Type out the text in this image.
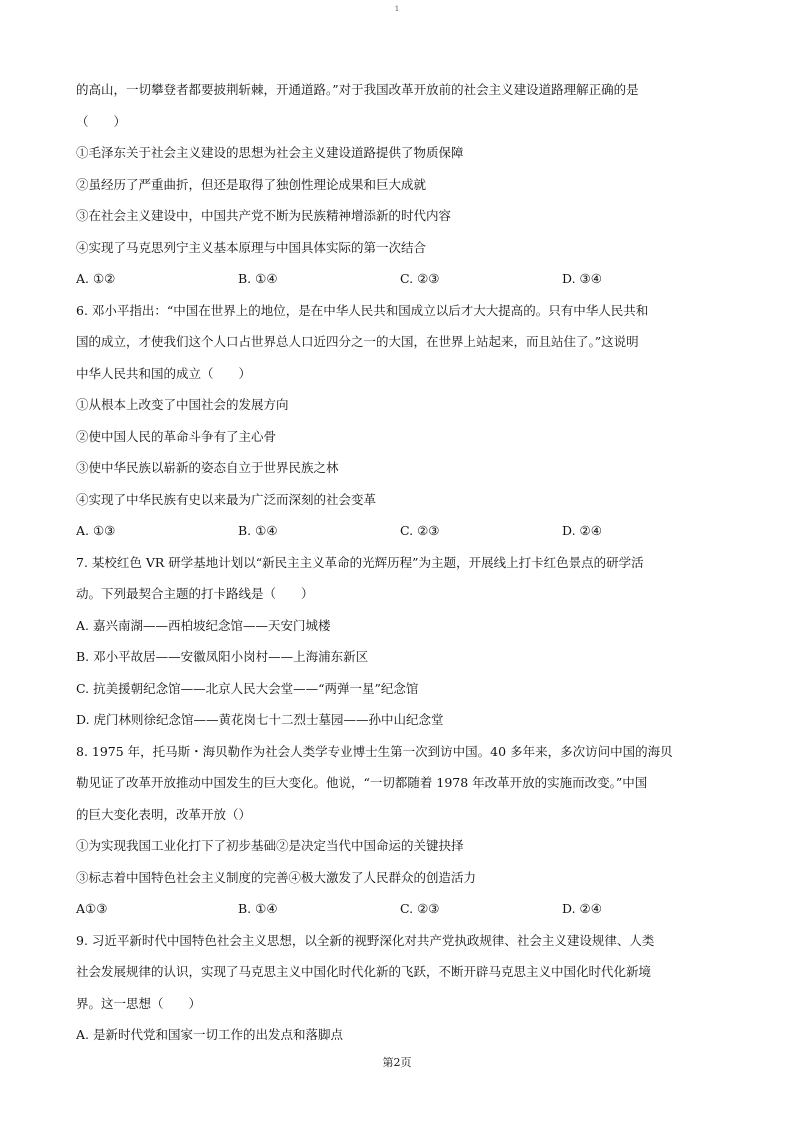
1
的高山，一切攀登者都要披荆斩棘，开通道路。”对于我国改革开放前的社会主义建设道路理解正确的是
（　　）
①毛泽东关于社会主义建设的思想为社会主义建设道路提供了物质保障
②虽经历了严重曲折，但还是取得了独创性理论成果和巨大成就
③在社会主义建设中，中国共产党不断为民族精神增添新的时代内容
④实现了马克思列宁主义基本原理与中国具体实际的第一次结合
A. ①②	B. ①④	C. ②③	D. ③④
6. 邓小平指出：“中国在世界上的地位，是在中华人民共和国成立以后才大大提高的。只有中华人民共和
国的成立，才使我们这个人口占世界总人口近四分之一的大国，在世界上站起来，而且站住了。”这说明
中华人民共和国的成立（　　）
①从根本上改变了中国社会的发展方向
②使中国人民的革命斗争有了主心骨
③使中华民族以崭新的姿态自立于世界民族之林
④实现了中华民族有史以来最为广泛而深刻的社会变革
A. ①③	B. ①④	C. ②③	D. ②④
7. 某校红色 VR 研学基地计划以“新民主主义革命的光辉历程”为主题，开展线上打卡红色景点的研学活
动。下列最契合主题的打卡路线是（　　）
A. 嘉兴南湖——西柏坡纪念馆——天安门城楼
B. 邓小平故居——安徽凤阳小岗村——上海浦东新区
C. 抗美援朝纪念馆——北京人民大会堂——“两弹一星”纪念馆
D. 虎门林则徐纪念馆——黄花岗七十二烈士墓园——孙中山纪念堂
8. 1975 年，托马斯・海贝勒作为社会人类学专业博士生第一次到访中国。40 多年来，多次访问中国的海贝
勒见证了改革开放推动中国发生的巨大变化。他说，“一切都随着 1978 年改革开放的实施而改变。”中国
的巨大变化表明，改革开放（）
①为实现我国工业化打下了初步基础②是决定当代中国命运的关键抉择
③标志着中国特色社会主义制度的完善④极大激发了人民群众的创造活力
A①③	B. ①④	C. ②③	D. ②④
9. 习近平新时代中国特色社会主义思想，以全新的视野深化对共产党执政规律、社会主义建设规律、人类
社会发展规律的认识，实现了马克思主义中国化时代化新的飞跃，不断开辟马克思主义中国化时代化新境
界。这一思想（　　）
A. 是新时代党和国家一切工作的出发点和落脚点
第2页
